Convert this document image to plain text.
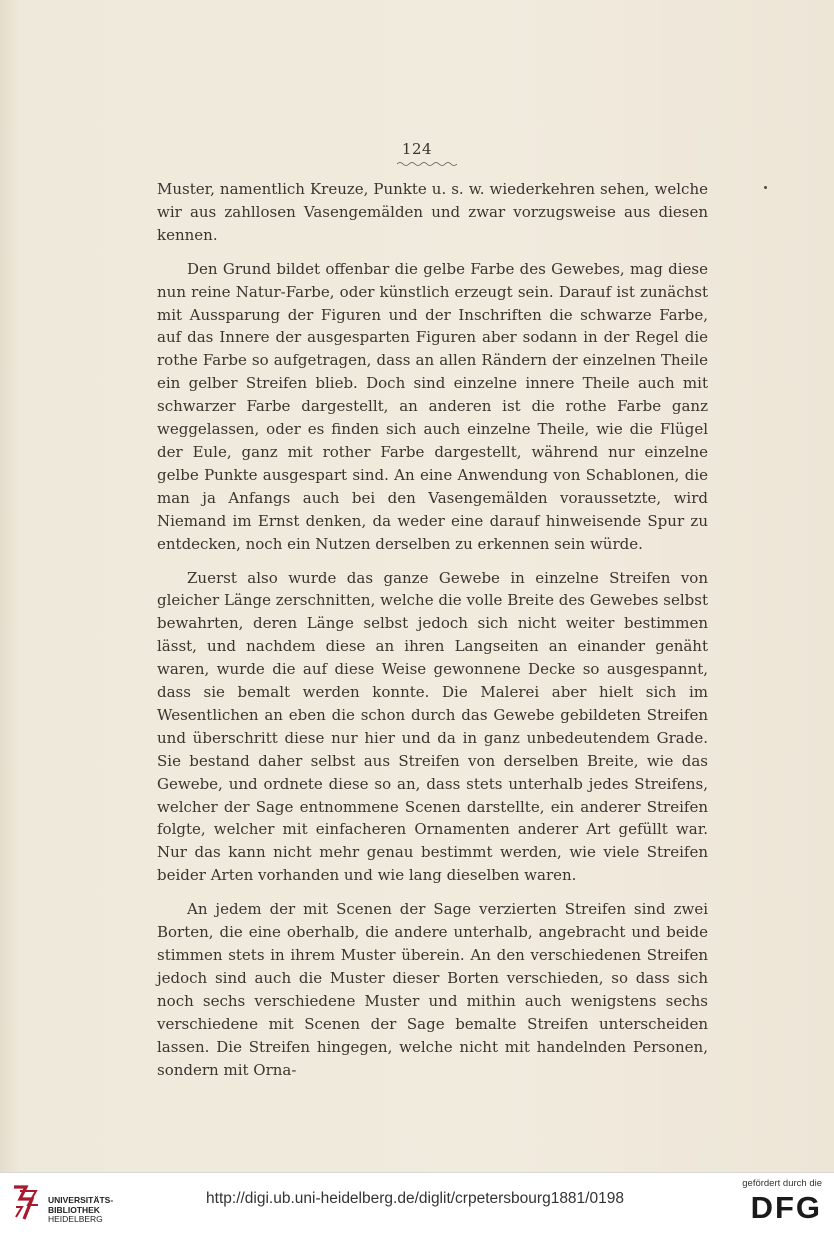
124

Muster, namentlich Kreuze, Punkte u. s. w. wiederkehren sehen, welche wir aus zahllosen Vasengemälden und zwar vorzugsweise aus diesen kennen.

Den Grund bildet offenbar die gelbe Farbe des Gewebes, mag diese nun reine Natur-Farbe, oder künstlich erzeugt sein. Darauf ist zunächst mit Aussparung der Figuren und der Inschriften die schwarze Farbe, auf das Innere der ausgesparten Figuren aber sodann in der Regel die rothe Farbe so aufgetragen, dass an allen Rändern der einzelnen Theile ein gelber Streifen blieb. Doch sind einzelne innere Theile auch mit schwarzer Farbe dargestellt, an anderen ist die rothe Farbe ganz weggelassen, oder es finden sich auch einzelne Theile, wie die Flügel der Eule, ganz mit rother Farbe dargestellt, während nur einzelne gelbe Punkte ausgespart sind. An eine Anwendung von Schablonen, die man ja Anfangs auch bei den Vasengemälden voraussetzte, wird Niemand im Ernst denken, da weder eine darauf hinweisende Spur zu entdecken, noch ein Nutzen derselben zu erkennen sein würde.

Zuerst also wurde das ganze Gewebe in einzelne Streifen von gleicher Länge zerschnitten, welche die volle Breite des Gewebes selbst bewahrten, deren Länge selbst jedoch sich nicht weiter bestimmen lässt, und nachdem diese an ihren Langseiten an einander genäht waren, wurde die auf diese Weise gewonnene Decke so ausgespannt, dass sie bemalt werden konnte. Die Malerei aber hielt sich im Wesentlichen an eben die schon durch das Gewebe gebildeten Streifen und überschritt diese nur hier und da in ganz unbedeutendem Grade. Sie bestand daher selbst aus Streifen von derselben Breite, wie das Gewebe, und ordnete diese so an, dass stets unterhalb jedes Streifens, welcher der Sage entnommene Scenen darstellte, ein anderer Streifen folgte, welcher mit einfacheren Ornamenten anderer Art gefüllt war. Nur das kann nicht mehr genau bestimmt werden, wie viele Streifen beider Arten vorhanden und wie lang dieselben waren.

An jedem der mit Scenen der Sage verzierten Streifen sind zwei Borten, die eine oberhalb, die andere unterhalb, angebracht und beide stimmen stets in ihrem Muster überein. An den verschiedenen Streifen jedoch sind auch die Muster dieser Borten verschieden, so dass sich noch sechs verschiedene Muster und mithin auch wenigstens sechs verschiedene mit Scenen der Sage bemalte Streifen unterscheiden lassen. Die Streifen hingegen, welche nicht mit handelnden Personen, sondern mit Orna-

UNIVERSITÄTS-
BIBLIOTHEK
HEIDELBERG
http://digi.ub.uni-heidelberg.de/diglit/crpetersbourg1881/0198
gefördert durch die
DFG
